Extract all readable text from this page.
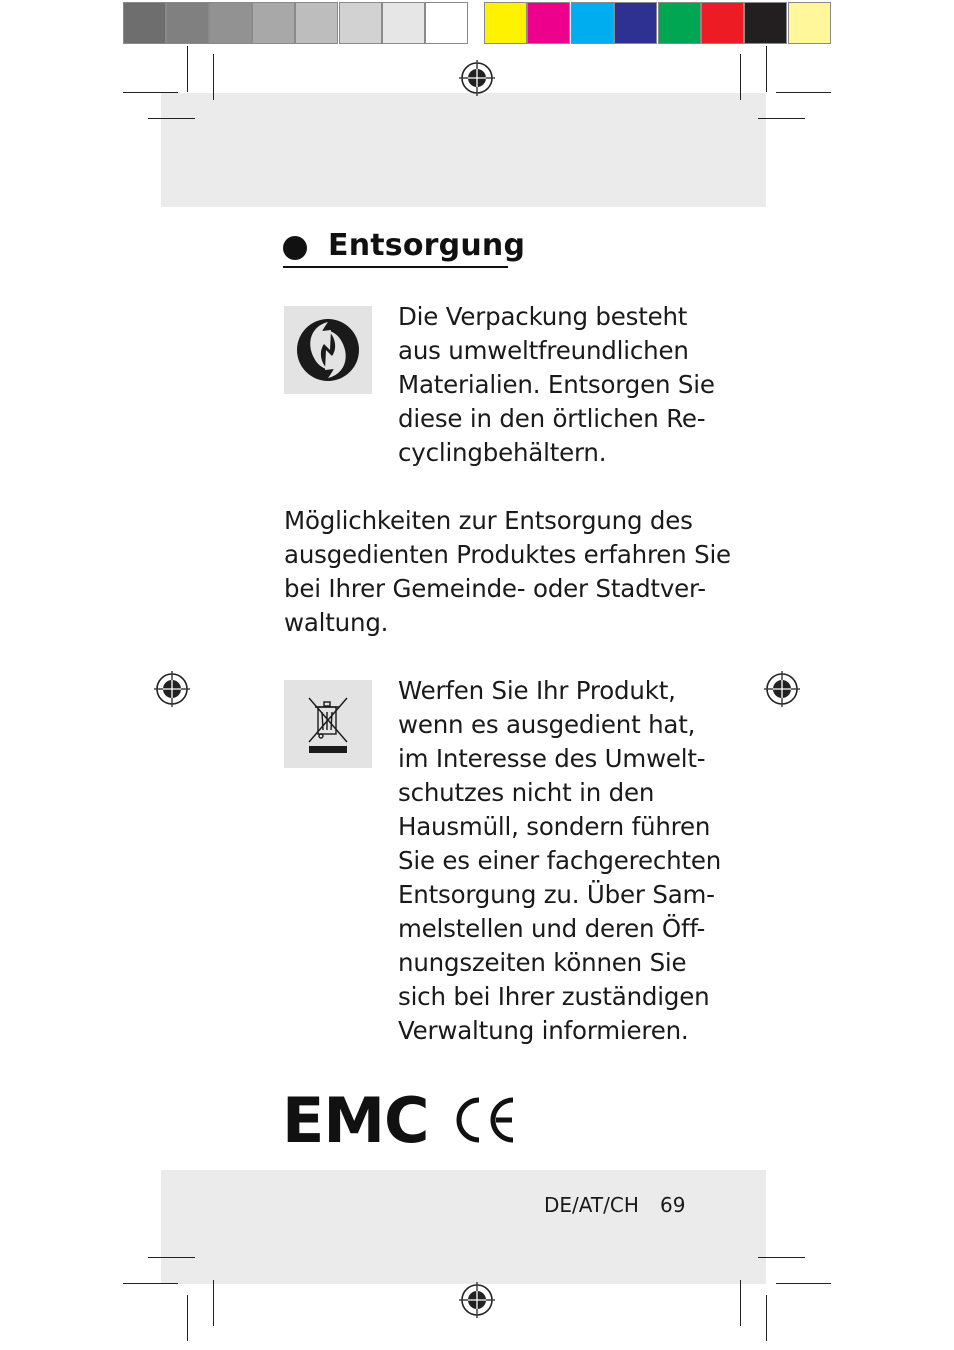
Entsorgung
Die Verpackung besteht
aus umweltfreundlichen
Materialien. Entsorgen Sie
diese in den örtlichen Re-
cyclingbehältern.
Möglichkeiten zur Entsorgung des
ausgedienten Produktes erfahren Sie
bei Ihrer Gemeinde- oder Stadtver-
waltung.
Werfen Sie Ihr Produkt,
wenn es ausgedient hat,
im Interesse des Umwelt-
schutzes nicht in den
Hausmüll, sondern führen
Sie es einer fachgerechten
Entsorgung zu. Über Sam-
melstellen und deren Öff-
nungszeiten können Sie
sich bei Ihrer zuständigen
Verwaltung informieren.
EMC
DE/AT/CH 69
